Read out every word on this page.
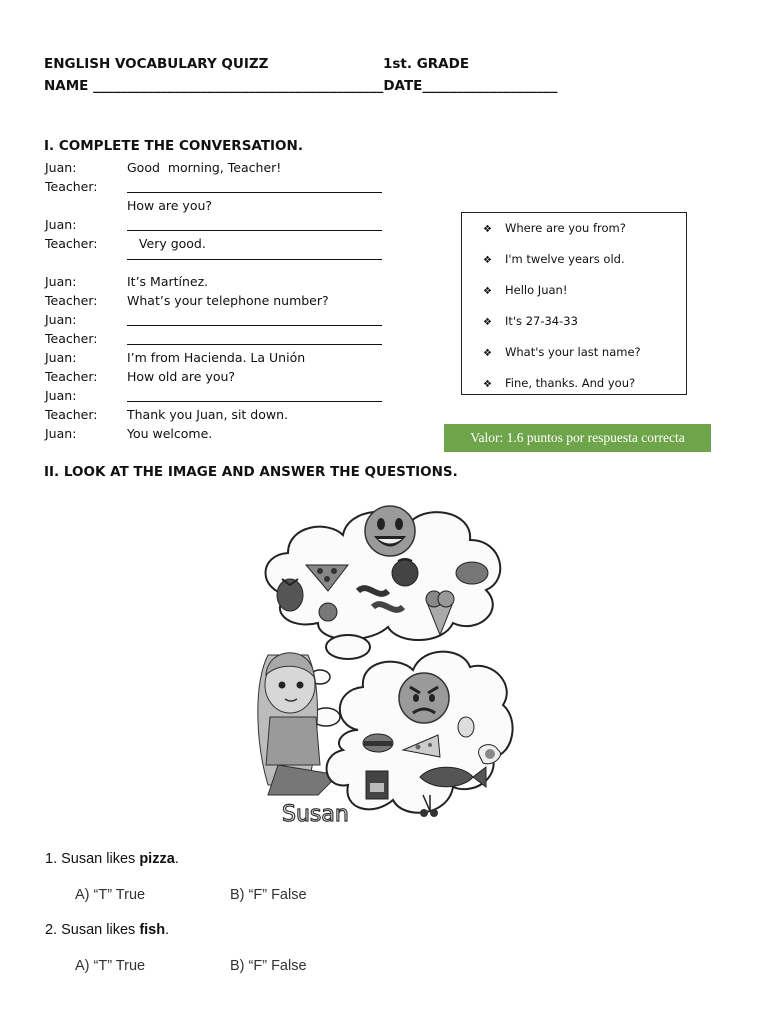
ENGLISH VOCABULARY QUIZZ	1st. GRADE
NAME ___________________________________________DATE____________________
I. COMPLETE THE CONVERSATION.
Juan:	Good  morning, Teacher!
Teacher:
How are you?
Juan:
Teacher: Very good.
Juan:	It’s Martínez.
Teacher: What’s your telephone number?
Juan:
Teacher:
Juan:	I’m from Hacienda. La Unión
Teacher: How old are you?
Juan:
Teacher: Thank you Juan, sit down.
Juan:	You welcome.
❖ Where are you from?
❖ I'm twelve years old.
❖ Hello Juan!
❖ It's 27-34-33
❖ What's your last name?
❖ Fine, thanks. And you?
Valor: 1.6 puntos por respuesta correcta
II. LOOK AT THE IMAGE AND ANSWER THE QUESTIONS.
Susan
1. Susan likes pizza.
A) “T” True	B) “F” False
2. Susan likes fish.
A) “T” True	B) “F” False
